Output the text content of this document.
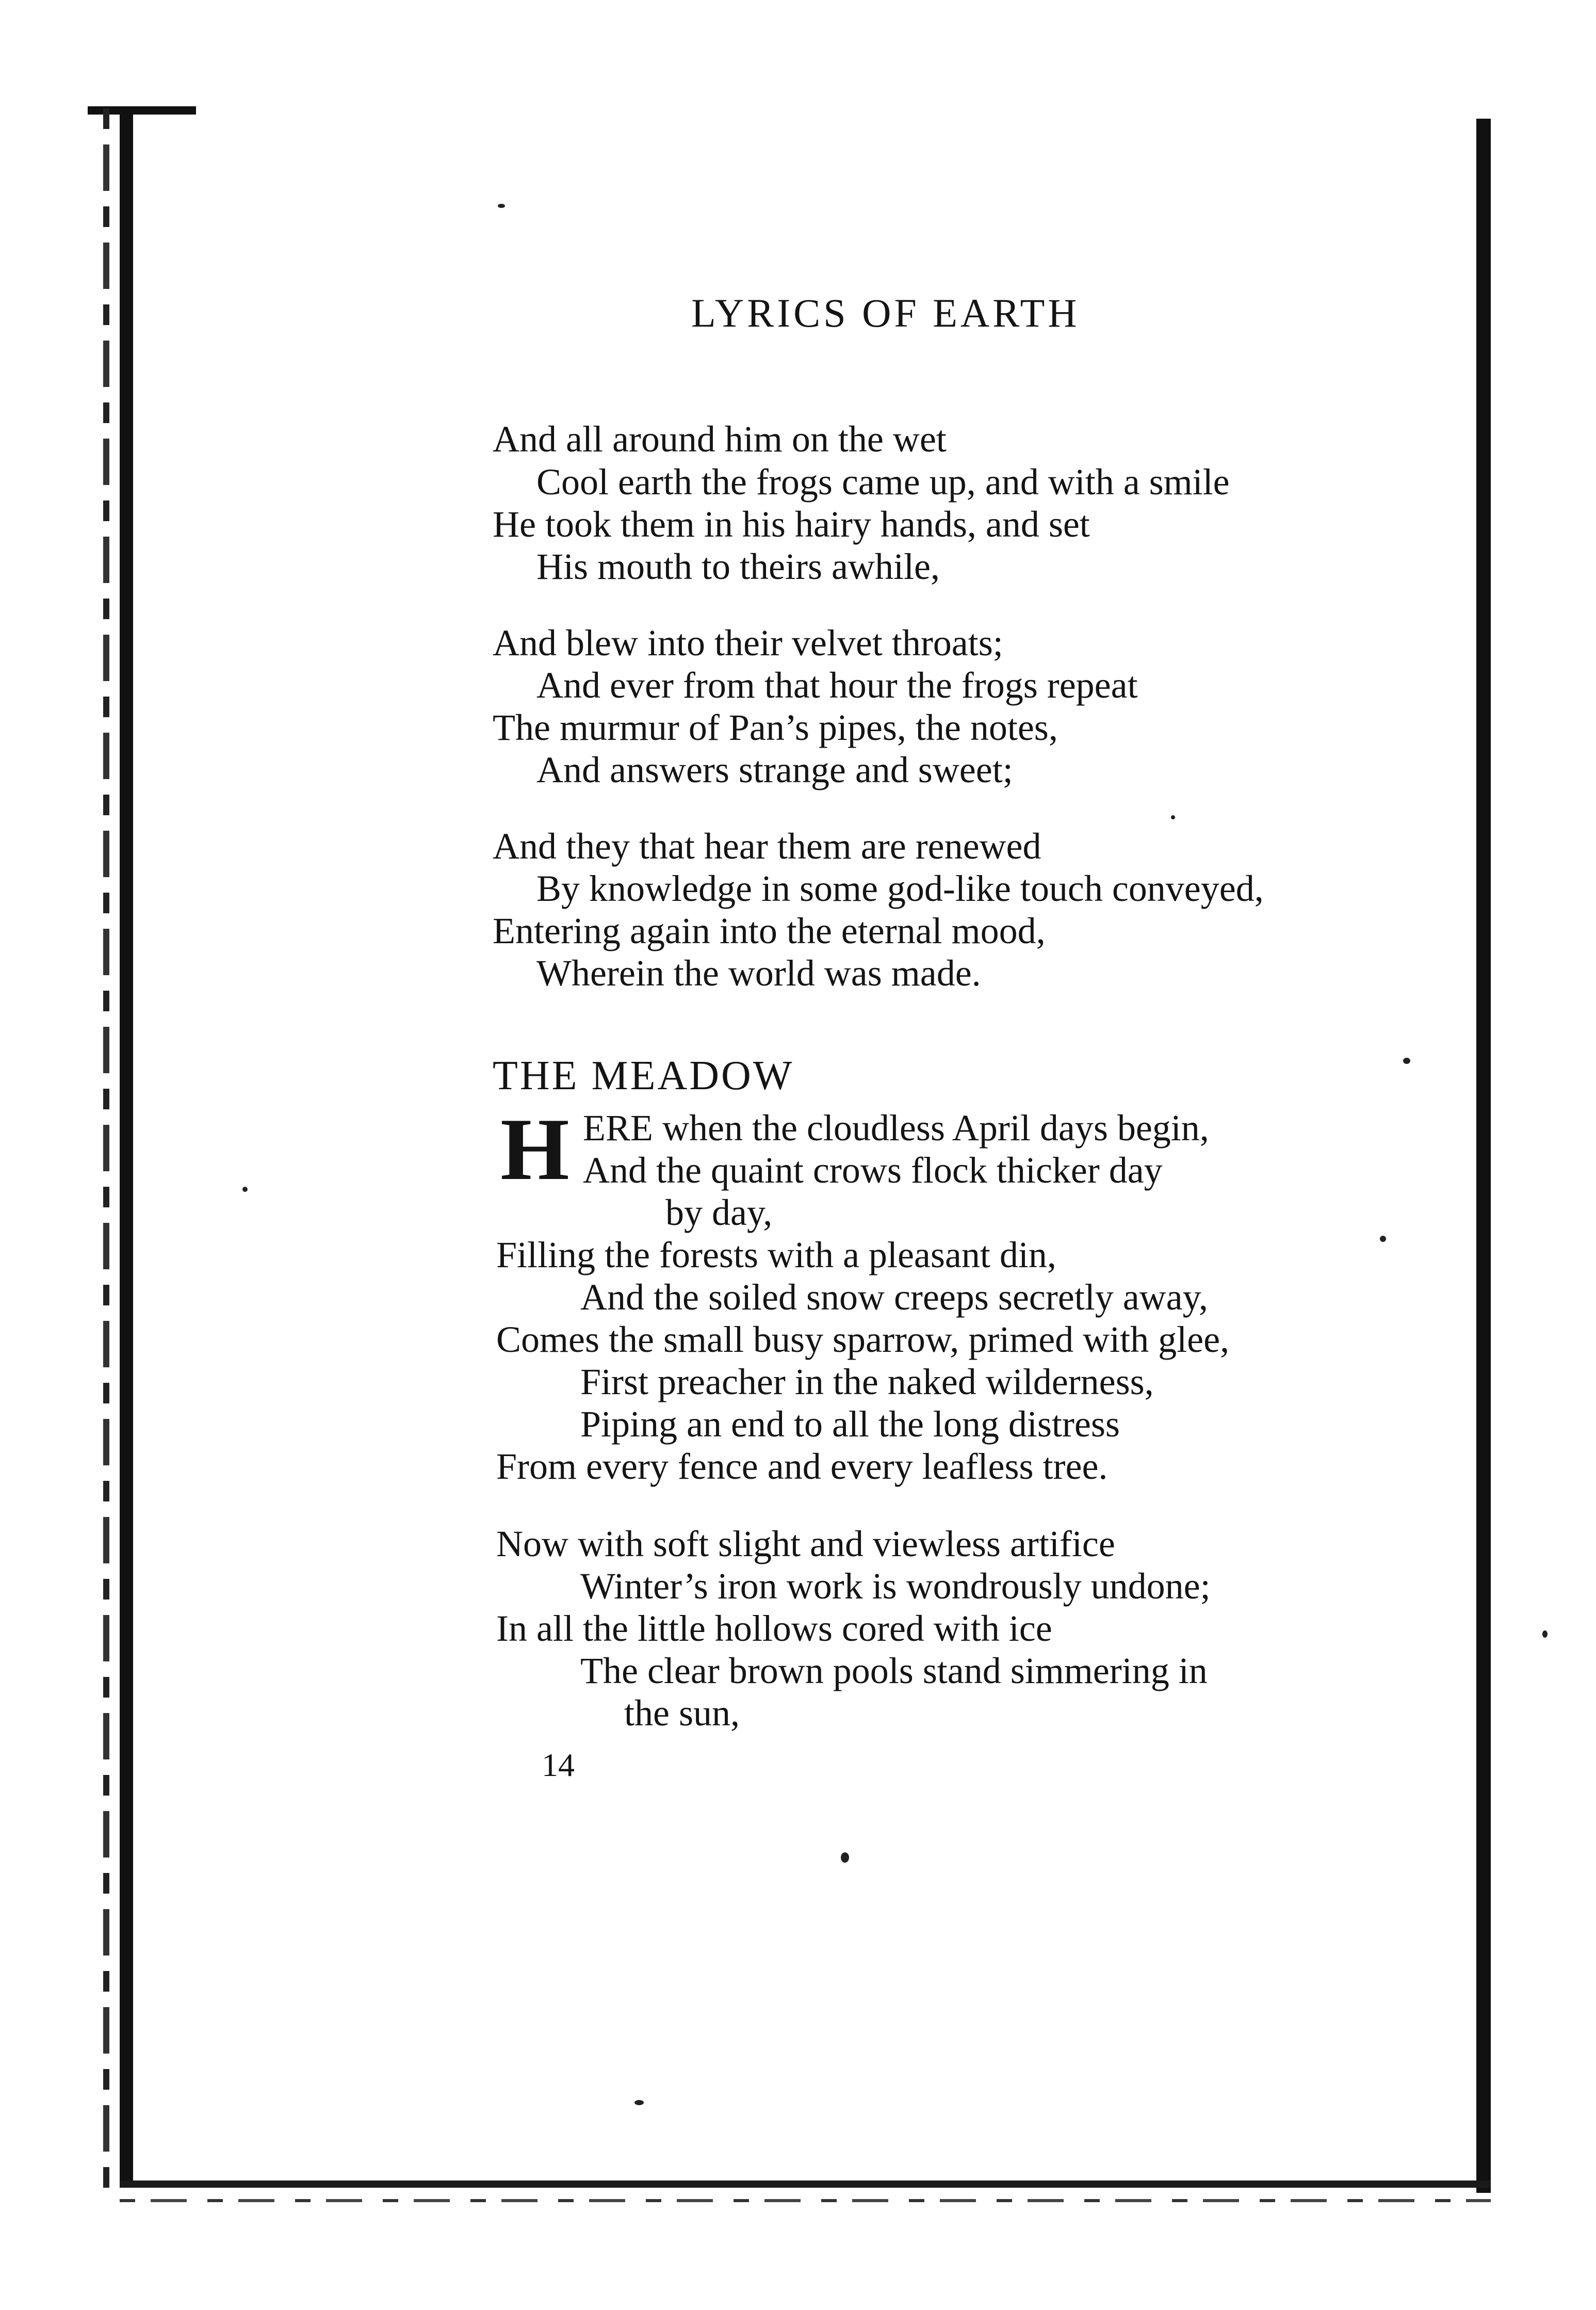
LYRICS OF EARTH

And all around him on the wet

Cool earth the frogs came up, and with a smile

He took them in his hairy hands, and set

His mouth to theirs awhile,

And blew into their velvet throats;

And ever from that hour the frogs repeat

The murmur of Pan’s pipes, the notes,

And answers strange and sweet;

And they that hear them are renewed

By knowledge in some god-like touch conveyed,

Entering again into the eternal mood,

Wherein the world was made.

THE MEADOW
H ERE when the cloudless April days begin,

And the quaint crows flock thicker day

by day,

Filling the forests with a pleasant din,

And the soiled snow creeps secretly away,

Comes the small busy sparrow, primed with glee,

First preacher in the naked wilderness,

Piping an end to all the long distress

From every fence and every leafless tree.

Now with soft slight and viewless artifice

Winter’s iron work is wondrously undone;

In all the little hollows cored with ice

The clear brown pools stand simmering in

the sun,

14
